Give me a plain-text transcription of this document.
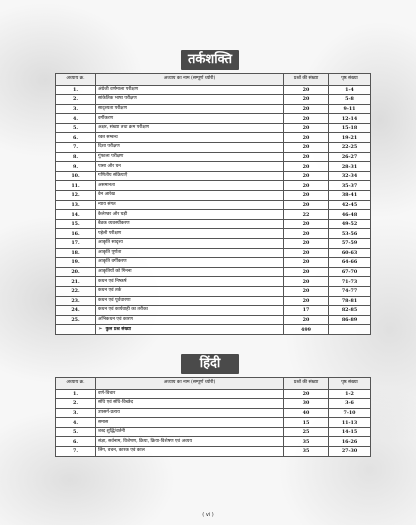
तर्कशक्ति
अध्याय क्र.	अध्याय का नाम (सम्पूर्ण थ्योरी)	प्रश्नों की संख्या	पृष्ठ संख्या
1.	अंग्रेजी वर्णमाला परीक्षण	20	1-4
2.	सांकेतिक भाषा परीक्षण	20	5-8
3.	सादृश्यता परीक्षण	20	9-11
4.	वर्गीकरण	20	12-14
5.	अक्षर, संख्या तथा क्रम परीक्षण	20	15-18
6.	रक्त सम्बन्ध	20	19-21
7.	दिशा परीक्षण	20	22-25
8.	गुंफाला परीक्षण	20	26-27
9.	पासा और घन	20	28-31
10.	गणितीय संक्रियाएँ	20	32-34
11.	असमानता	20	35-37
12.	वेन आरेख	20	38-41
13.	न्याय संगत	20	42-45
14.	कैलेण्डर और घड़ी	22	46-48
15.	बैठक व्यवस्थीकरण	20	49-52
16.	पहेली परीक्षण	20	53-56
17.	आकृति सादृश्य	20	57-59
18.	आकृति पूर्णता	20	60-63
19.	आकृति वर्गीकरण	20	64-66
20.	आकृतियों को गिनना	20	67-70
21.	कथन एवं निष्कर्ष	20	71-73
22.	कथन एवं तर्क	20	74-77
23.	कथन एवं पूर्वधारणा	20	78-81
24.	कथन एवं कार्यवाही का तरीका	17	82-85
25.	अभिकथन एवं कारण	20	86-89
	➢ कुल प्रश्न संख्या	499	
हिंदी
अध्याय क्र.	अध्याय का नाम (सम्पूर्ण थ्योरी)	प्रश्नों की संख्या	पृष्ठ संख्या
1.	वर्ण-विचार	20	1-2
2.	संधि एवं संधि-विच्छेद	30	3-6
3.	उपसर्ग-प्रत्यय	40	7-10
4.	समास	15	11-13
5.	शब्द शुद्धि/वर्तनी	25	14-15
6.	संज्ञा, सर्वनाम, विशेषण, क्रिया, क्रिया-विशेषण एवं अव्यय	35	16-26
7.	लिंग, वचन, कारक एवं काल	35	27-30
( vi )
